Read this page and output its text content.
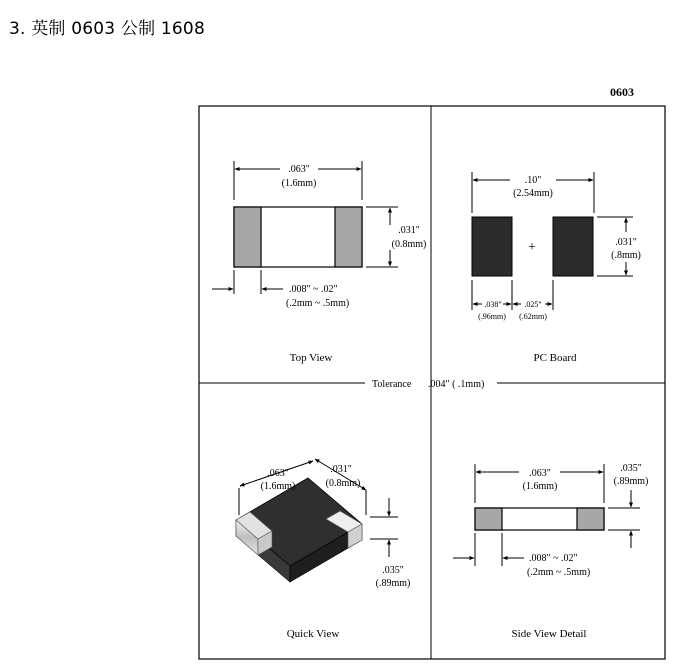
3. 英制 0603 公制 1608
0603
Tolerance .004" ( .1mm)
.063"
(1.6mm)
.031"
(0.8mm)
.008" ~ .02"
(.2mm ~ .5mm)
Top View
.10"
(2.54mm)
+	.031"
(.8mm)
.038"
(.96mm)
.025"
(.62mm)
PC Board
.063"
(1.6mm)
.031"
(0.8mm)
.035"
(.89mm)
Quick View
.063"
(1.6mm)
.035"
(.89mm)
.008" ~ .02"
(.2mm ~ .5mm)
Side View Detail
